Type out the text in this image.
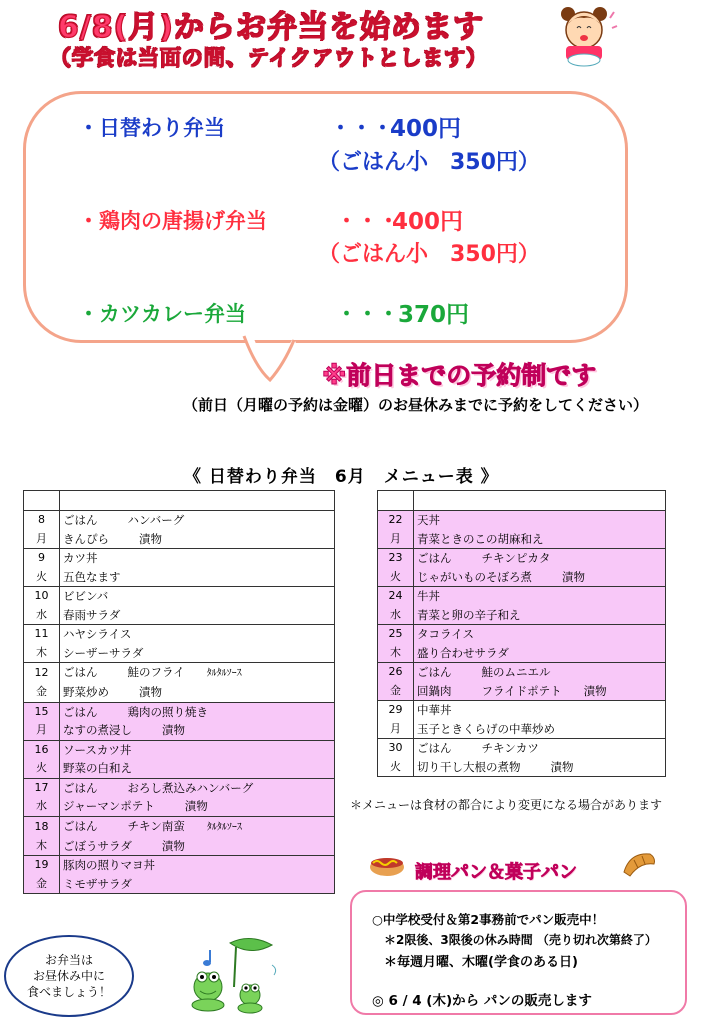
6/8(月)からお弁当を始めます
（学食は当面の間、テイクアウトとします）
・日替わり弁当	・・・
400円
（ごはん小　350円）
・鶏肉の唐揚げ弁当	・・・
400円
（ごはん小　350円）
・カツカレー弁当	・・・ 370円
※前日までの予約制です
（前日（月曜の予約は金曜）のお昼休みまでに予約をしてください）
《 日替わり弁当　6月　メニュー表 》

8	ごはん ハンバーグ
月	きんぴら 漬物
9	カツ丼
火	五色なます
10	ビビンバ
水	春雨サラダ
11	ハヤシライス
木	シーザーサラダ
12	ごはん 鮭のフライ ﾀﾙﾀﾙｿｰｽ
金	野菜炒め 漬物
15	ごはん 鶏肉の照り焼き
月	なすの煮浸し 漬物
16	ソースカツ丼
火	野菜の白和え
17	ごはん おろし煮込みハンバーグ
水	ジャーマンポテト 漬物
18	ごはん チキン南蛮 ﾀﾙﾀﾙｿｰｽ
木	ごぼうサラダ 漬物
19	豚肉の照りマヨ丼
金	ミモザサラダ

22	天丼
月	青菜ときのこの胡麻和え
23	ごはん チキンピカタ
火	じゃがいものそぼろ煮 漬物
24	牛丼
水	青菜と卵の辛子和え
25	タコライス
木	盛り合わせサラダ
26	ごはん 鮭のムニエル
金	回鍋肉 フライドポテト 漬物
29	中華丼
月	玉子ときくらげの中華炒め
30	ごはん チキンカツ
火	切り干し大根の煮物 漬物
＊メニューは食材の都合により変更になる場合があります
調理パン＆菓子パン
○中学校受付＆第2事務前でパン販売中！
＊2限後、3限後の休み時間 （売り切れ次第終了）
＊毎週月曜、木曜(学食のある日)
◎ 6 / 4 (木)から パンの販売します
お弁当は
お昼休み中に
食べましょう！
